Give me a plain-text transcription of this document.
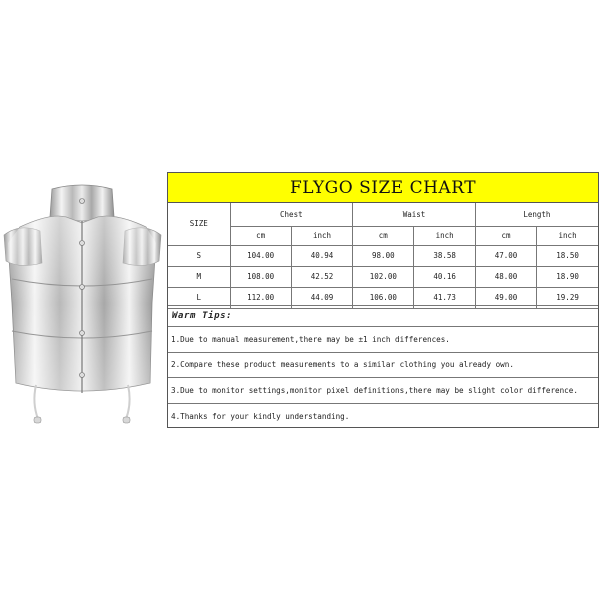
FLYGO SIZE CHART
SIZE	Chest		Waist		Length	
	cm	inch	cm	inch	cm	inch
S	104.00	40.94	98.00	38.58	47.00	18.50
M	108.00	42.52	102.00	40.16	48.00	18.90
L	112.00	44.09	106.00	41.73	49.00	19.29
Warm Tips:
1.Due to manual measurement,there may be ±1 inch differences.
2.Compare these product measurements to a similar clothing you already own.
3.Due to monitor settings,monitor pixel definitions,there may be slight color difference.
4.Thanks for your kindly understanding.
